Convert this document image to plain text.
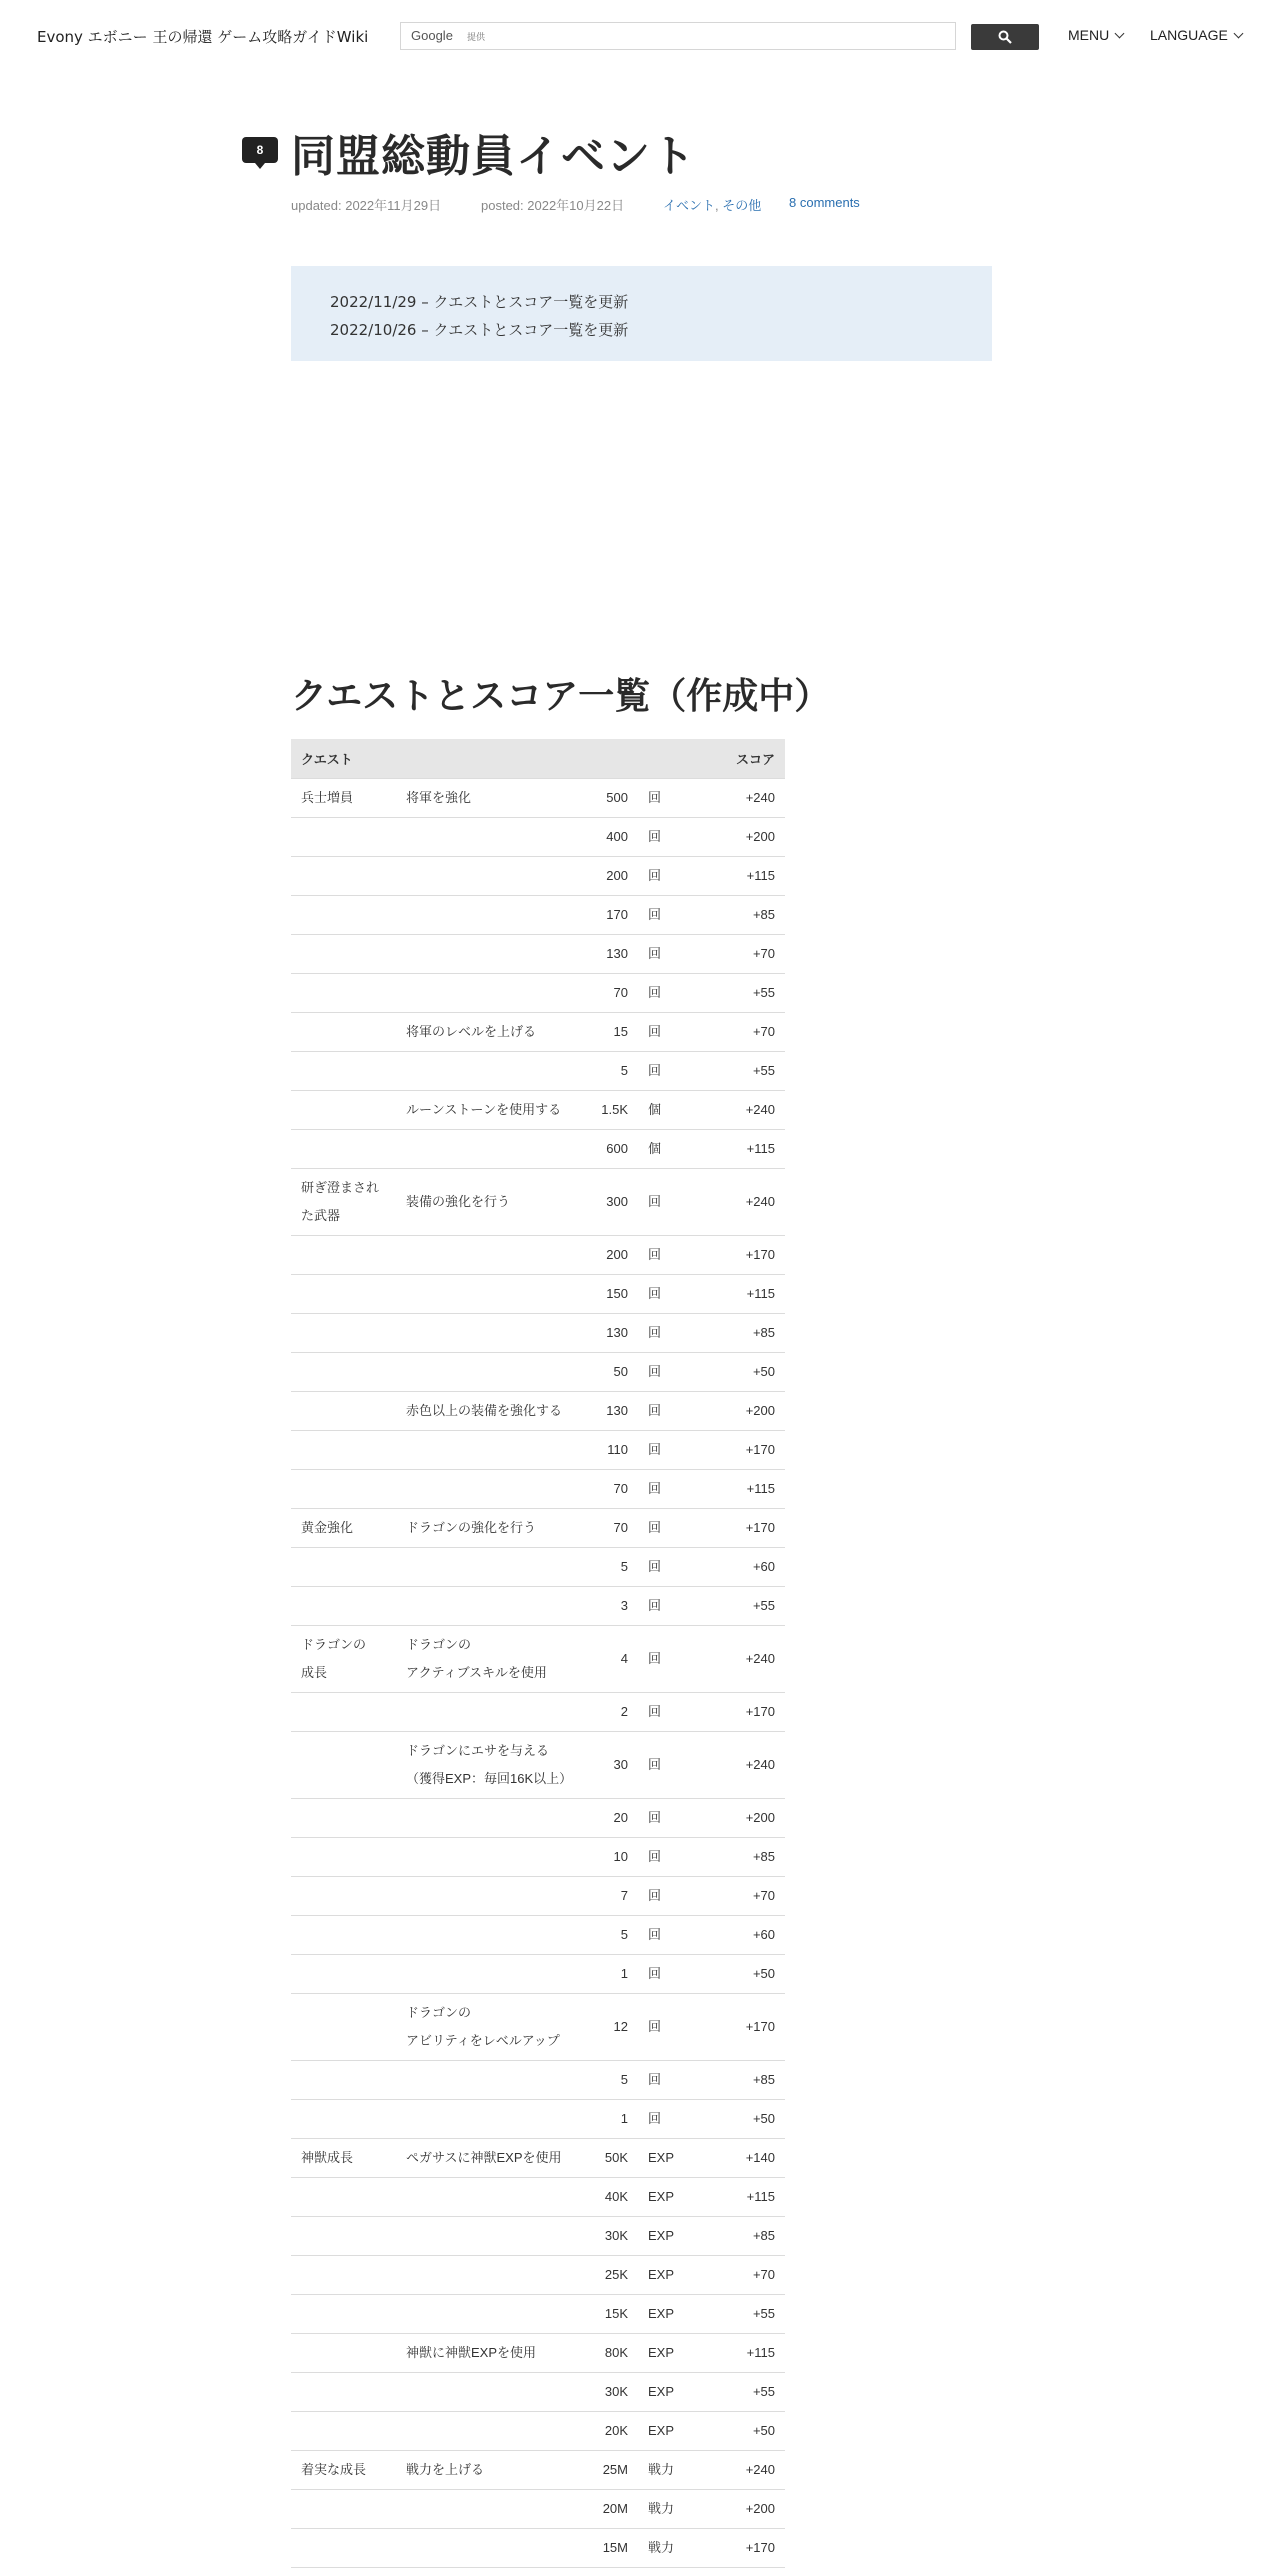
Evony エボニー 王の帰還 ゲーム攻略ガイドWiki	Google 提供	MENU	LANGUAGE
8 同盟総動員イベント
updated: 2022年11月29日	posted: 2022年10月22日	イベント, その他 8 comments
2022/11/29 – クエストとスコア一覧を更新
2022/10/26 – クエストとスコア一覧を更新
クエストとスコア一覧（作成中）
クエスト				スコア
兵士増員	将軍を強化	500	回	+240
		400	回	+200
		200	回	+115
		170	回	+85
		130	回	+70
		70	回	+55
	将軍のレベルを上げる	15	回	+70
		5	回	+55
	ルーンストーンを使用する	1.5K	個	+240
		600	個	+115
研ぎ澄まされ
た武器	装備の強化を行う	300	回	+240
		200	回	+170
		150	回	+115
		130	回	+85
		50	回	+50
	赤色以上の装備を強化する	130	回	+200
		110	回	+170
		70	回	+115
黄金強化	ドラゴンの強化を行う	70	回	+170
		5	回	+60
		3	回	+55
ドラゴンの
成長	ドラゴンの
アクティブスキルを使用	4	回	+240
		2	回	+170
	ドラゴンにエサを与える
（獲得EXP：毎回16K以上）	30	回	+240
		20	回	+200
		10	回	+85
		7	回	+70
		5	回	+60
		1	回	+50
	ドラゴンの
アビリティをレベルアップ	12	回	+170
		5	回	+85
		1	回	+50
神獣成長	ペガサスに神獣EXPを使用	50K	EXP	+140
		40K	EXP	+115
		30K	EXP	+85
		25K	EXP	+70
		15K	EXP	+55
	神獣に神獣EXPを使用	80K	EXP	+115
		30K	EXP	+55
		20K	EXP	+50
着実な成長	戦力を上げる	25M	戦力	+240
		20M	戦力	+200
		15M	戦力	+170
